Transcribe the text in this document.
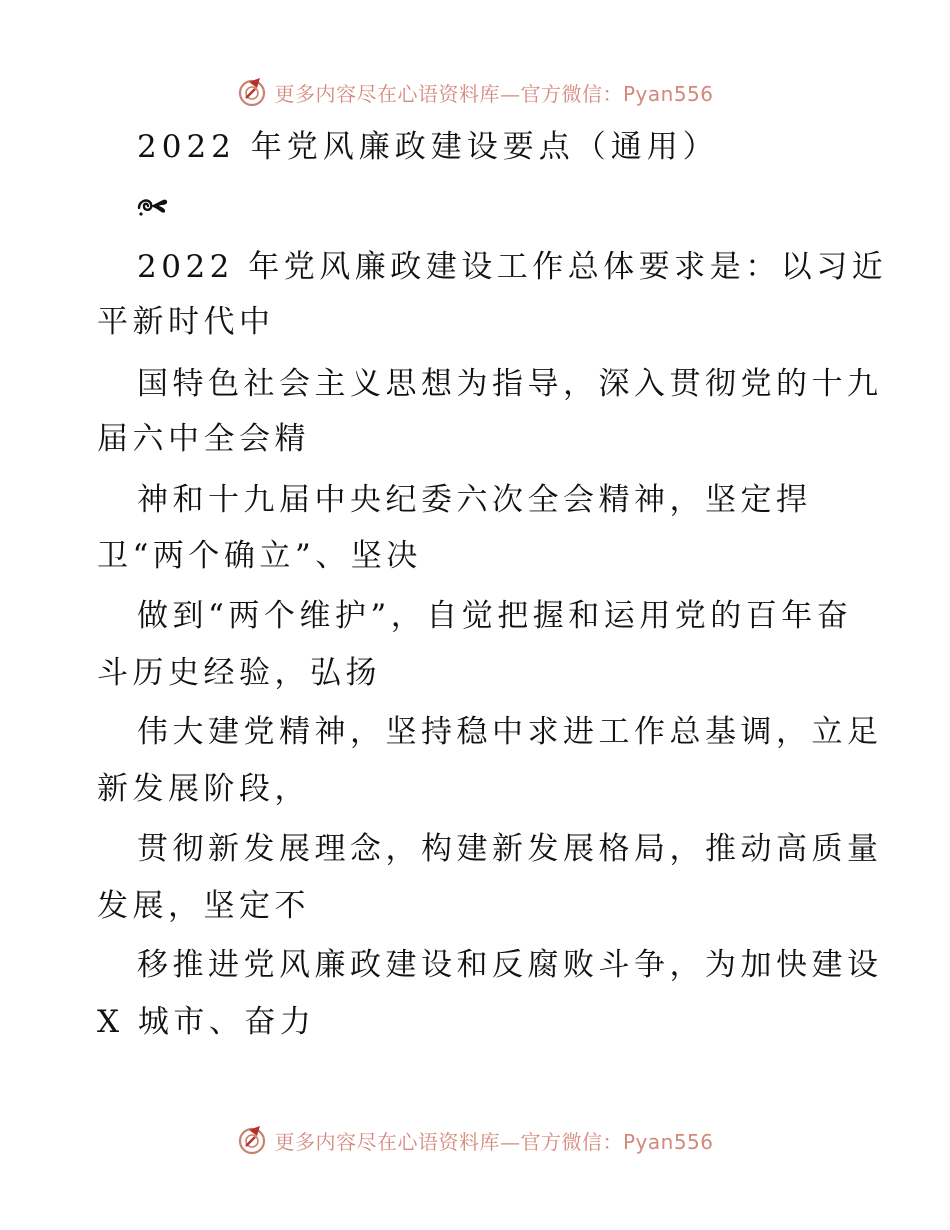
更多内容尽在心语资料库—官方微信：Pyan556
2022 年党风廉政建设要点（通用）
2022 年党风廉政建设工作总体要求是：以习近
平新时代中
国特色社会主义思想为指导，深入贯彻党的十九
届六中全会精
神和十九届中央纪委六次全会精神，坚定捍
卫“两个确立”、坚决
做到“两个维护”，自觉把握和运用党的百年奋
斗历史经验，弘扬
伟大建党精神，坚持稳中求进工作总基调，立足
新发展阶段，
贯彻新发展理念，构建新发展格局，推动高质量
发展，坚定不
移推进党风廉政建设和反腐败斗争，为加快建设
X 城市、奋力
更多内容尽在心语资料库—官方微信：Pyan556
